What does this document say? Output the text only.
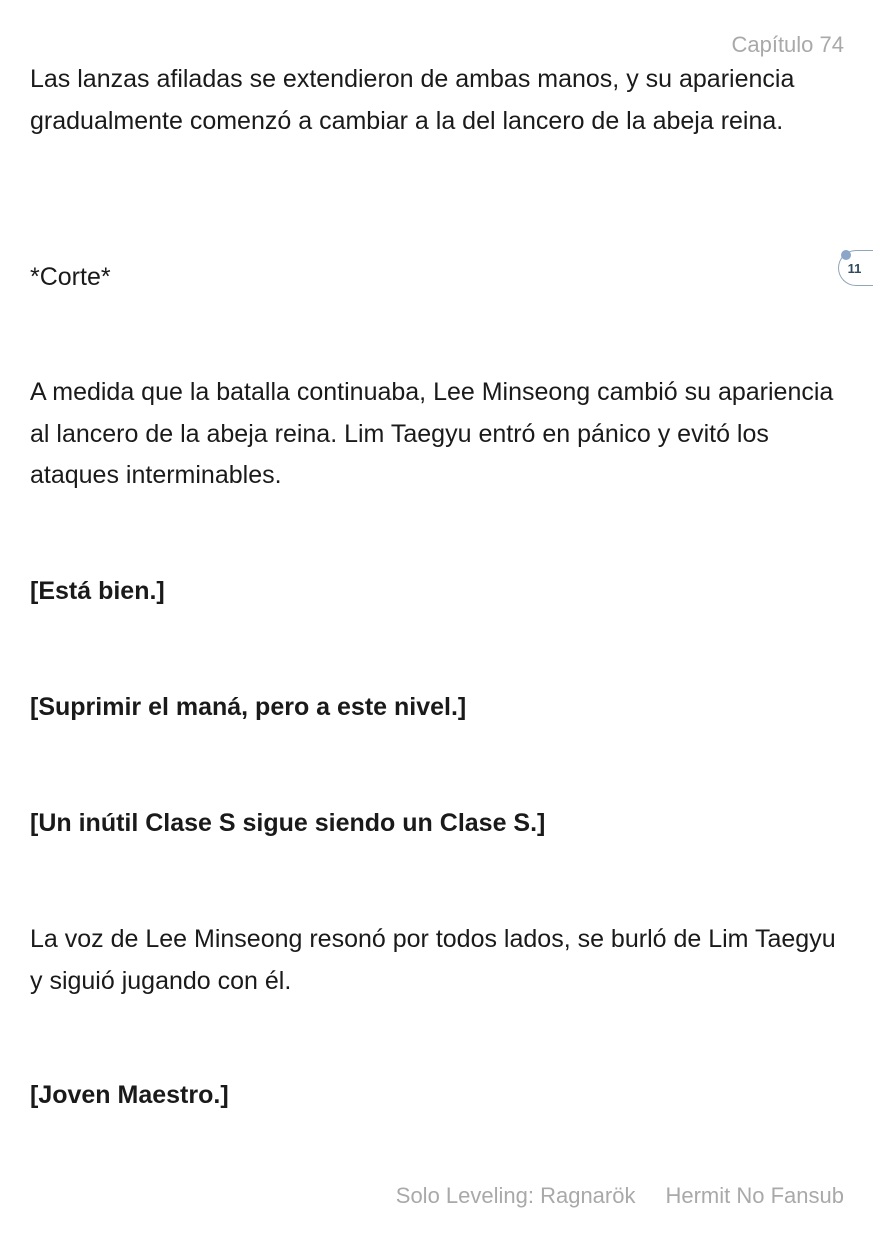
Capítulo 74

Las lanzas afiladas se extendieron de ambas manos, y su apariencia gradualmente comenzó a cambiar a la del lancero de la abeja reina.

*Corte*

A medida que la batalla continuaba, Lee Minseong cambió su apariencia al lancero de la abeja reina. Lim Taegyu entró en pánico y evitó los ataques interminables.

[Está bien.]

[Suprimir el maná, pero a este nivel.]

[Un inútil Clase S sigue siendo un Clase S.]

La voz de Lee Minseong resonó por todos lados, se burló de Lim Taegyu y siguió jugando con él.

[Joven Maestro.]

11
Solo Leveling: Ragnarök Hermit No Fansub
